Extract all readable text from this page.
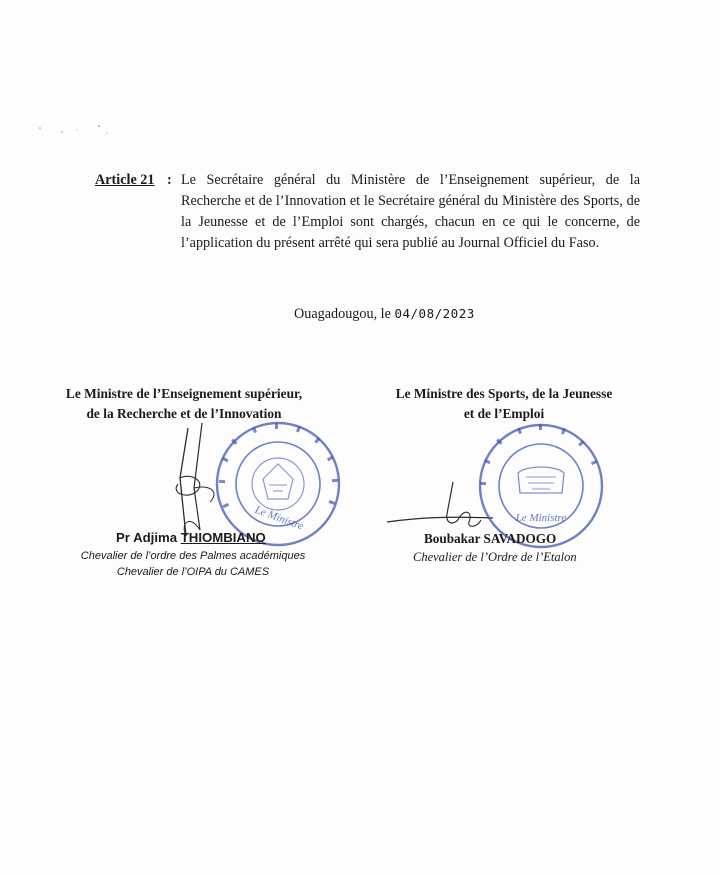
Article 21 : Le Secrétaire général du Ministère de l’Enseignement supérieur, de la Recherche et de l’Innovation et le Secrétaire général du Ministère des Sports, de la Jeunesse et de l’Emploi sont chargés, chacun en ce qui le concerne, de l’application du présent arrêté qui sera publié au Journal Officiel du Faso.
Ouagadougou, le 04/08/2023
Le Ministre de l’Enseignement supérieur,
de la Recherche et de l’Innovation
Le Ministre
Pr Adjima THIOMBIANO
Chevalier de l’ordre des Palmes académiques
Chevalier de l’OIPA du CAMES
Le Ministre des Sports, de la Jeunesse
et de l’Emploi
Le Ministre
Boubakar SAVADOGO
Chevalier de l’Ordre de l’Etalon
